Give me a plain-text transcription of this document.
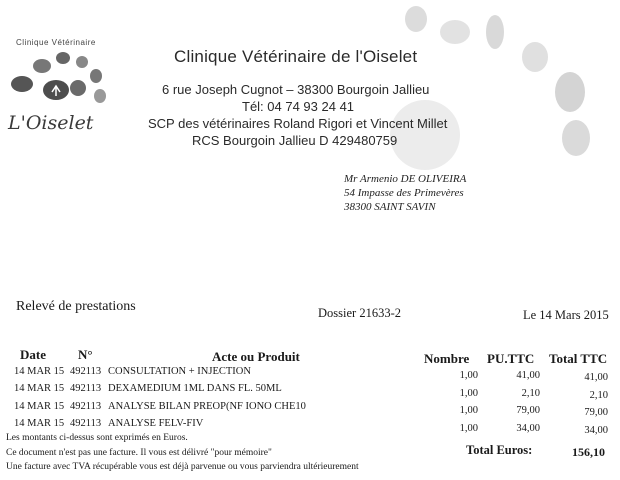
Clinique Vétérinaire
L'Oiselet
Clinique Vétérinaire de l'Oiselet
6 rue Joseph Cugnot – 38300 Bourgoin Jallieu
Tél: 04 74 93 24 41
SCP des vétérinaires Roland Rigori et Vincent Millet
RCS Bourgoin Jallieu D 429480759
Mr Armenio DE OLIVEIRA
54 Impasse des Primevères
38300 SAINT SAVIN
Relevé de prestations	Dossier 21633-2	Le 14 Mars 2015
Date N°	Acte ou Produit	Nombre PU.TTC Total TTC
14 MAR 15 492113 CONSULTATION + INJECTION	1,00	41,00	41,00
14 MAR 15 492113 DEXAMEDIUM 1ML DANS FL. 50ML	1,00	2,10	2,10
14 MAR 15 492113 ANALYSE BILAN PREOP(NF IONO CHE10	1,00	79,00	79,00
14 MAR 15 492113 ANALYSE FELV-FIV	1,00	34,00	34,00
Les montants ci-dessus sont exprimés en Euros.
Ce document n'est pas une facture. Il vous est délivré "pour mémoire"
Une facture avec TVA récupérable vous est déjà parvenue ou vous parviendra ultérieurement
Total Euros:	156,10
